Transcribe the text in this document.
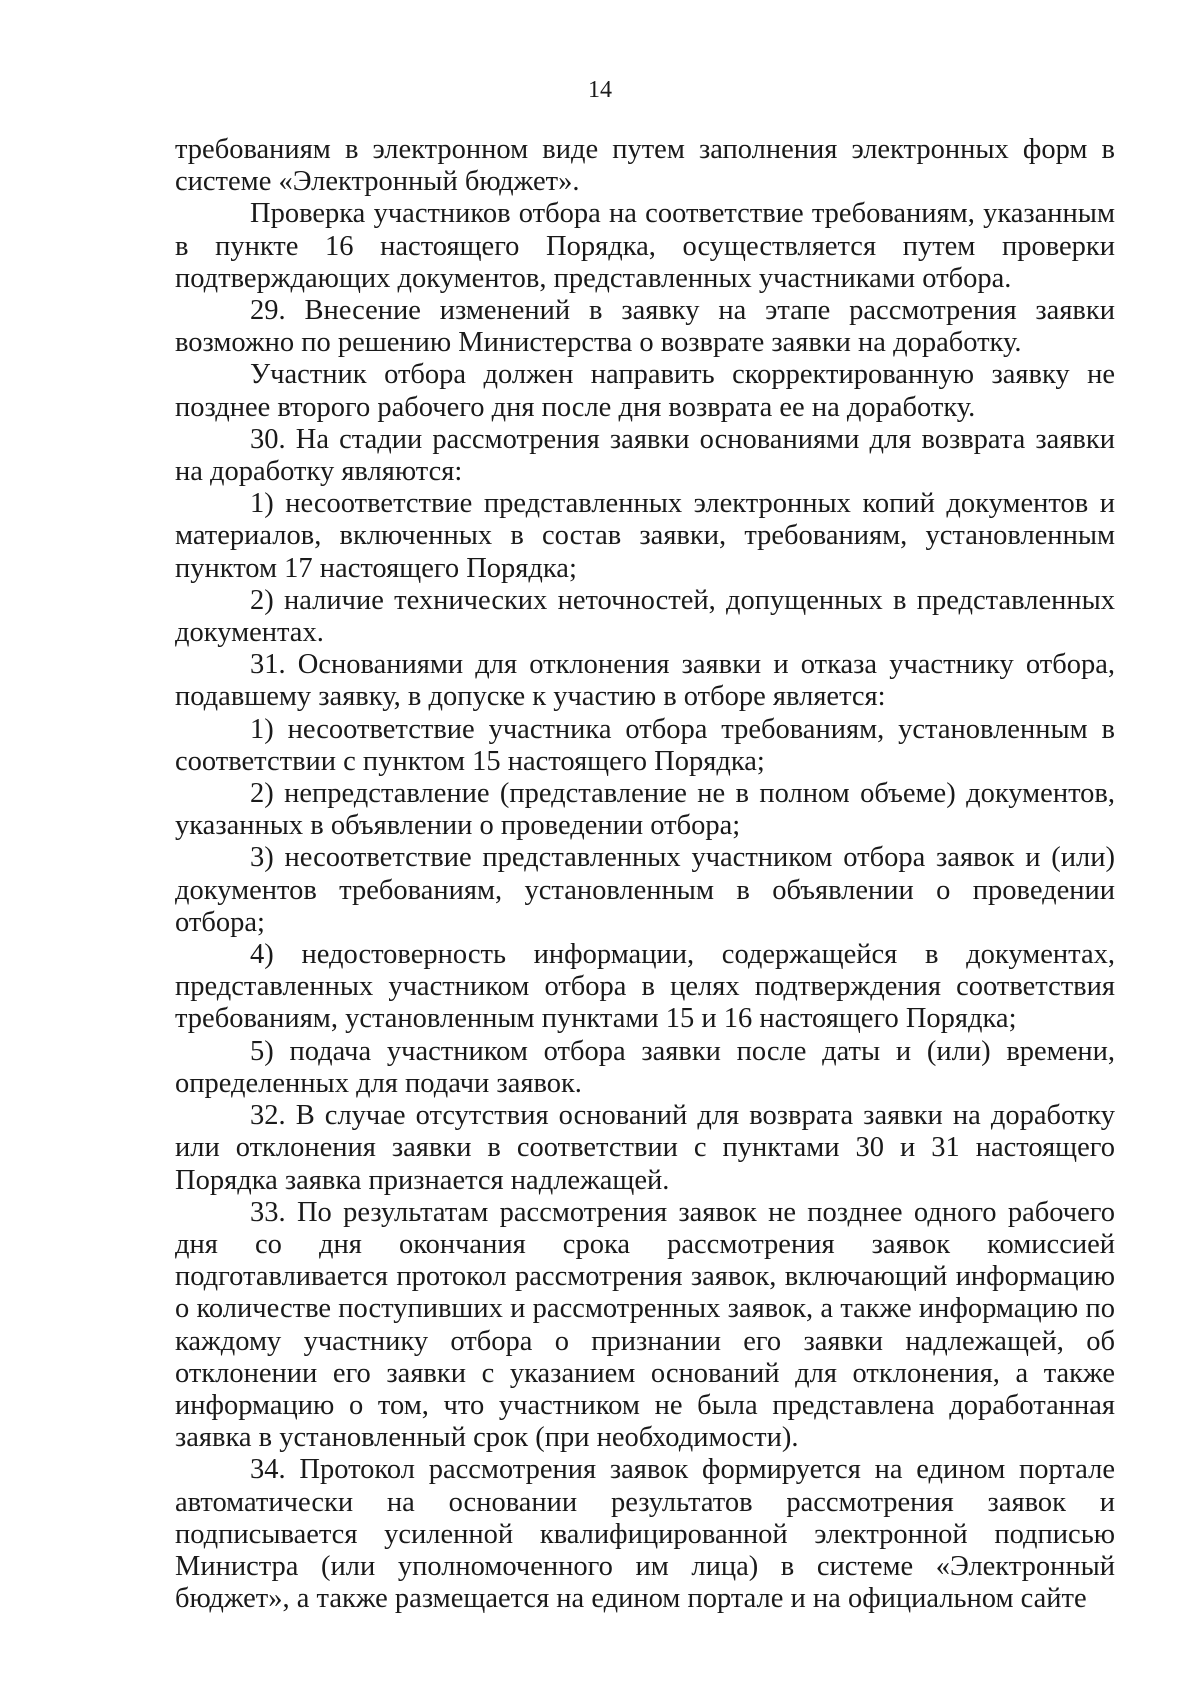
14

требованиям в электронном виде путем заполнения электронных форм в системе «Электронный бюджет».

Проверка участников отбора на соответствие требованиям, указанным в пункте 16 настоящего Порядка, осуществляется путем проверки подтверждающих документов, представленных участниками отбора.

29. Внесение изменений в заявку на этапе рассмотрения заявки возможно по решению Министерства о возврате заявки на доработку.

Участник отбора должен направить скорректированную заявку не позднее второго рабочего дня после дня возврата ее на доработку.

30. На стадии рассмотрения заявки основаниями для возврата заявки на доработку являются:

1) несоответствие представленных электронных копий документов и материалов, включенных в состав заявки, требованиям, установленным пунктом 17 настоящего Порядка;

2) наличие технических неточностей, допущенных в представленных документах.

31. Основаниями для отклонения заявки и отказа участнику отбора, подавшему заявку, в допуске к участию в отборе является:

1) несоответствие участника отбора требованиям, установленным в соответствии с пунктом 15 настоящего Порядка;

2) непредставление (представление не в полном объеме) документов, указанных в объявлении о проведении отбора;

3) несоответствие представленных участником отбора заявок и (или) документов требованиям, установленным в объявлении о проведении отбора;

4) недостоверность информации, содержащейся в документах, представленных участником отбора в целях подтверждения соответствия требованиям, установленным пунктами 15 и 16 настоящего Порядка;

5) подача участником отбора заявки после даты и (или) времени, определенных для подачи заявок.

32. В случае отсутствия оснований для возврата заявки на доработку или отклонения заявки в соответствии с пунктами 30 и 31 настоящего Порядка заявка признается надлежащей.

33. По результатам рассмотрения заявок не позднее одного рабочего дня со дня окончания срока рассмотрения заявок комиссией подготавливается протокол рассмотрения заявок, включающий информацию о количестве поступивших и рассмотренных заявок, а также информацию по каждому участнику отбора о признании его заявки надлежащей, об отклонении его заявки с указанием оснований для отклонения, а также информацию о том, что участником не была представлена доработанная заявка в установленный срок (при необходимости).

34. Протокол рассмотрения заявок формируется на едином портале автоматически на основании результатов рассмотрения заявок и подписывается усиленной квалифицированной электронной подписью Министра (или уполномоченного им лица) в системе «Электронный бюджет», а также размещается на едином портале и на официальном сайте
